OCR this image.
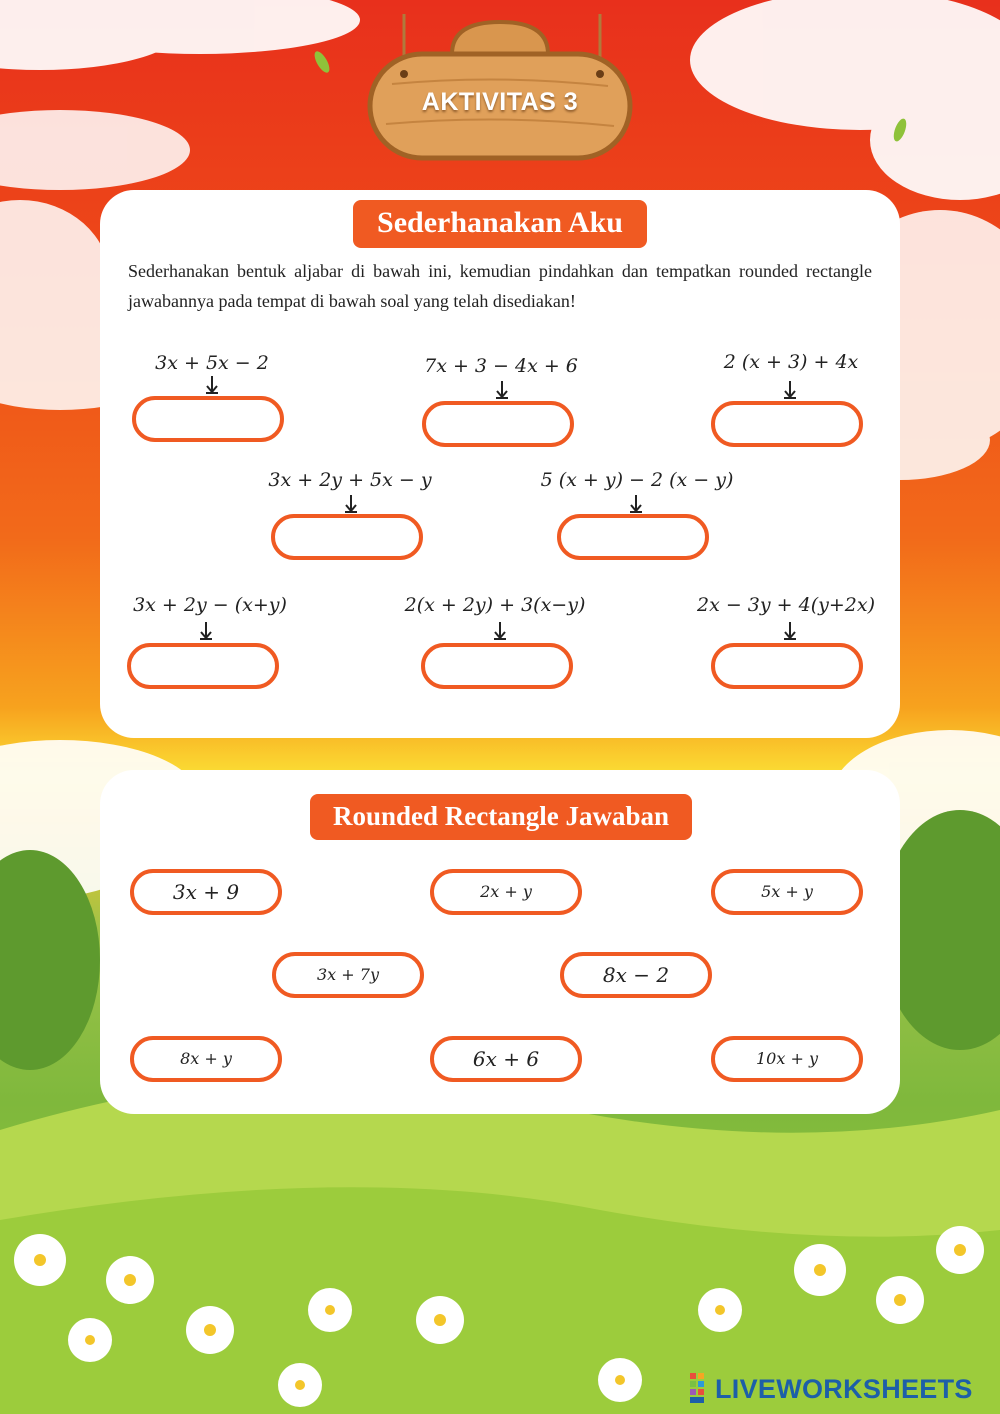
AKTIVITAS 3
Sederhanakan Aku
Sederhanakan bentuk aljabar di bawah ini, kemudian pindahkan dan tempatkan rounded rectangle jawabannya pada tempat di bawah soal yang telah disediakan!
3x + 5x − 2	7x + 3 − 4x + 6	2 (x + 3) + 4x
3x + 2y + 5x − y	5 (x + y) − 2 (x − y)
3x + 2y − (x+y)	2(x + 2y) + 3(x−y)	2x − 3y + 4(y+2x)
Rounded Rectangle Jawaban
3x + 9	2x + y	5x + y
3x + 7y	8x − 2
8x + y	6x + 6	10x + y
LIVEWORKSHEETS
